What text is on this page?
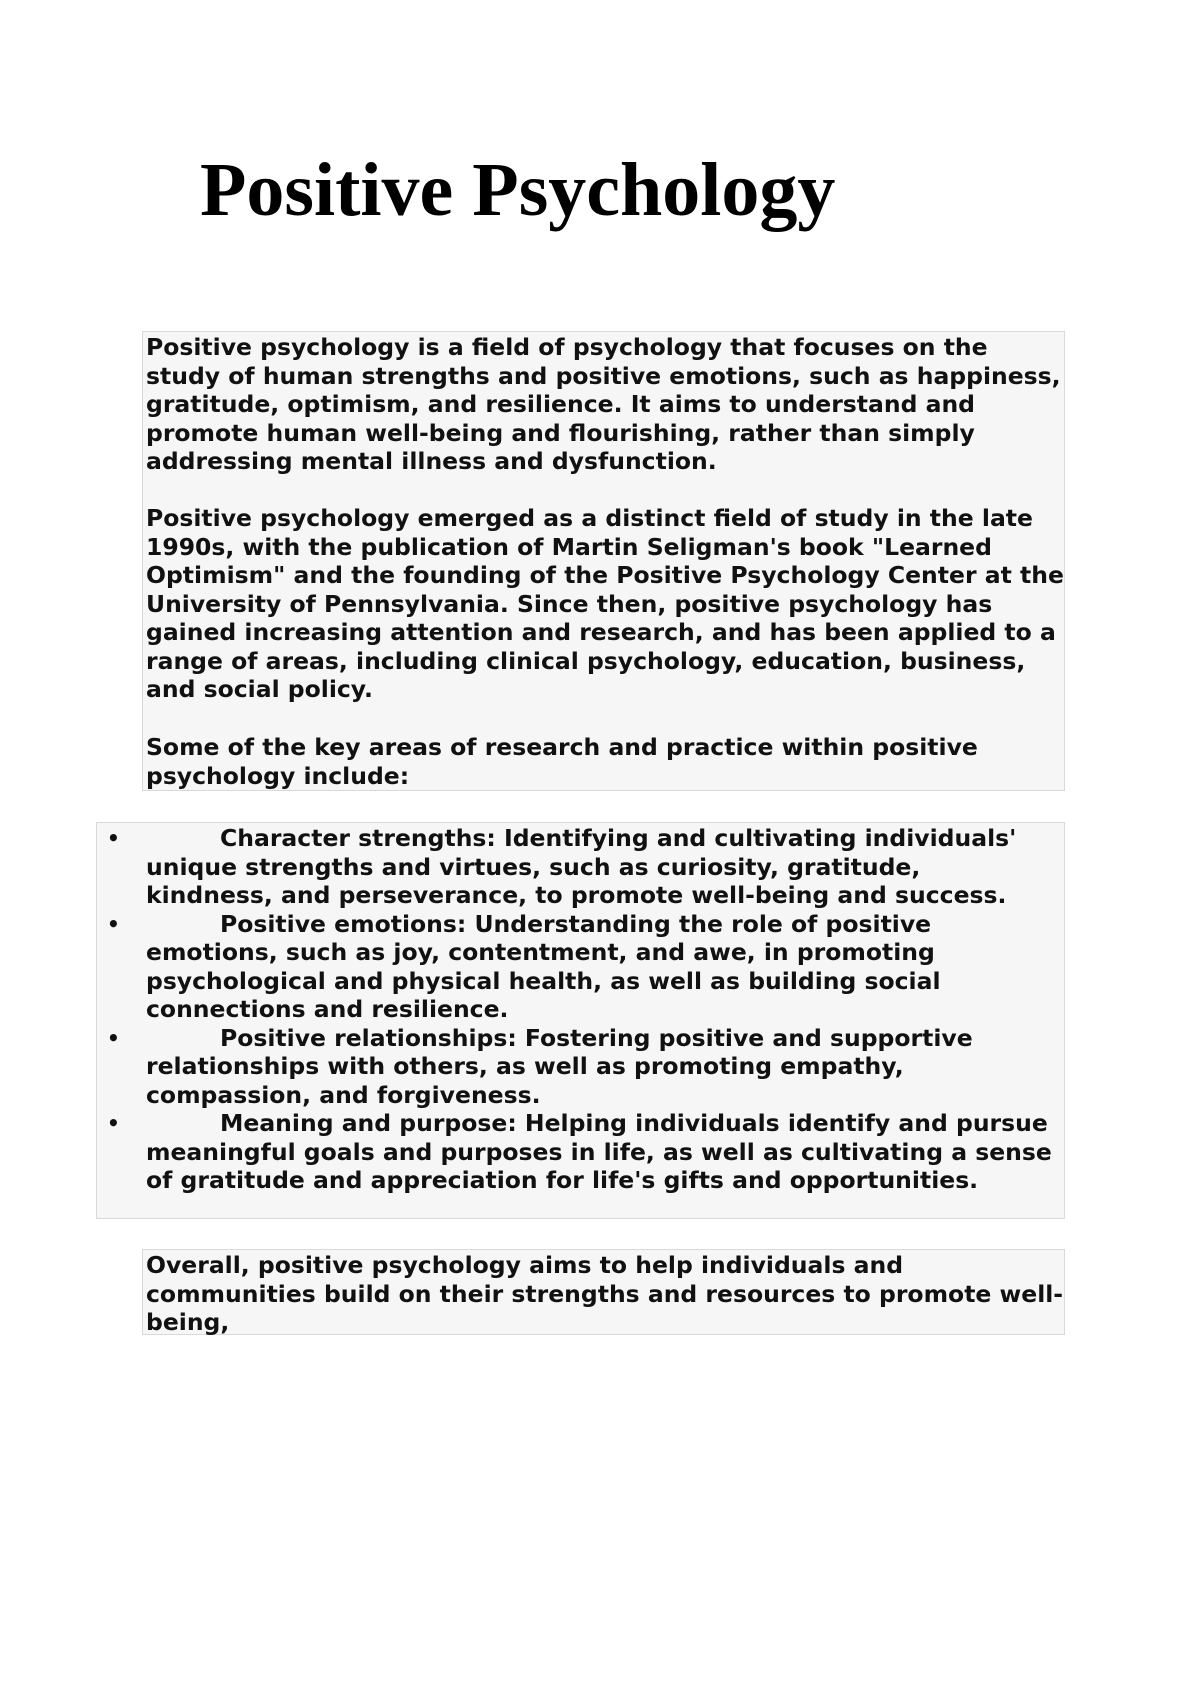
Positive Psychology

Positive psychology is a field of psychology that focuses on the study of human strengths and positive emotions, such as happiness, gratitude, optimism, and resilience. It aims to understand and promote human well-being and flourishing, rather than simply addressing mental illness and dysfunction.

Positive psychology emerged as a distinct field of study in the late 1990s, with the publication of Martin Seligman's book "Learned Optimism" and the founding of the Positive Psychology Center at the University of Pennsylvania. Since then, positive psychology has gained increasing attention and research, and has been applied to a range of areas, including clinical psychology, education, business, and social policy.

Some of the key areas of research and practice within positive psychology include:

•	Character strengths: Identifying and cultivating individuals' unique strengths and virtues, such as curiosity, gratitude, kindness, and perseverance, to promote well-being and success.
•	Positive emotions: Understanding the role of positive emotions, such as joy, contentment, and awe, in promoting psychological and physical health, as well as building social connections and resilience.
•	Positive relationships: Fostering positive and supportive relationships with others, as well as promoting empathy, compassion, and forgiveness.
•	Meaning and purpose: Helping individuals identify and pursue meaningful goals and purposes in life, as well as cultivating a sense of gratitude and appreciation for life's gifts and opportunities.

Overall, positive psychology aims to help individuals and communities build on their strengths and resources to promote well-being,
